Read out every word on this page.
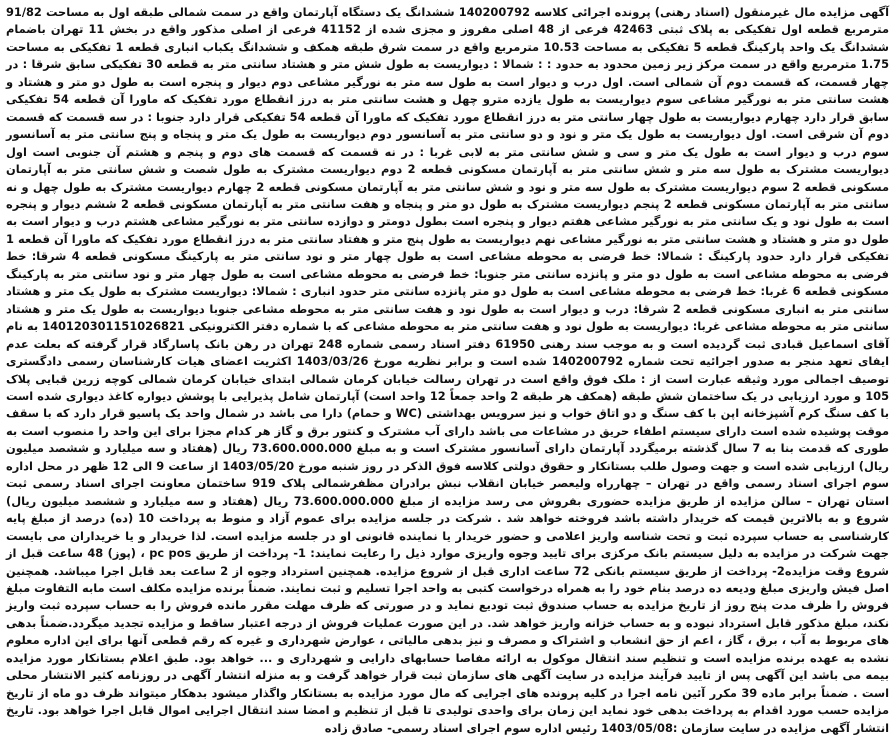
آگهی مزایده مال غیرمنقول (اسناد رهنی) پرونده اجرائی کلاسه 140200792 ششدانگ یک دستگاه آپارتمان واقع در سمت شمالی طبقه اول به مساحت 91/82 مترمربع قطعه اول تفکیکی به پلاک ثبتی 42463 فرعی از 48 اصلی مفروز و مجزی شده از 41152 فرعی از اصلی مذکور واقع در بخش 11 تهران باضمام ششدانگ یک واحد پارکینگ قطعه 5 تفکیکی به مساحت 10.53 مترمربع واقع در سمت شرق طبقه همکف و ششدانگ یکباب انباری قطعه 1 تفکیکی به مساحت 1.75 مترمربع واقع در سمت مرکز زیر زمین محدود به حدود : : شمالا : دیواریست به طول شش متر و هشتاد سانتی متر به قطعه 30 تفکیکی سابق شرقا : در چهار قسمت، که قسمت دوم آن شمالی است. اول درب و دیوار است به طول سه متر به نورگیر مشاعی دوم دیوار و پنجره است به طول دو متر و هشتاد و هشت سانتی متر به نورگیر مشاعی سوم دیواریست به طول یازده مترو چهل و هشت سانتی متر به درز انقطاع مورد تفکیک که ماورا آن قطعه 54 تفکیکی سابق قرار دارد چهارم دیواریست به طول چهار سانتی متر به درز انقطاع مورد تفکیک که ماورا آن قطعه 54 تفکیکی قرار دارد جنوبا : در سه قسمت که قسمت دوم آن شرقی است. اول دیواریست به طول یک متر و نود و دو سانتی متر به آسانسور دوم دیواریست به طول یک متر و پنجاه و پنج سانتی متر به آسانسور سوم درب و دیوار است به طول یک متر و سی و شش سانتی متر به لابی غربا : در نه قسمت که قسمت های دوم و پنجم و هشتم آن جنوبی است اول دیواریست مشترک به طول سه متر و شش سانتی متر به آپارتمان مسکونی قطعه 2 دوم دیواریست مشترک به طول شصت و شش سانتی متر به آپارتمان مسکونی قطعه 2 سوم دیواریست مشترک به طول سه متر و نود و شش سانتی متر به آپارتمان مسکونی قطعه 2 چهارم دیواریست مشترک به طول چهل و نه سانتی متر به آپارتمان مسکونی قطعه 2 پنجم دیواریست مشترک به طول دو متر و پنجاه و هفت سانتی متر به آپارتمان مسکونی قطعه 2 ششم دیوار و پنجره است به طول نود و یک سانتی متر به نورگیر مشاعی هفتم دیوار و پنجره است بطول دومتر و دوازده سانتی متر به نورگیر مشاعی هشتم درب و دیوار است به طول دو متر و هشتاد و هشت سانتی متر به نورگیر مشاعی نهم دیواریست به طول پنج متر و هفتاد سانتی متر به درز انقطاع مورد تفکیک که ماورا آن قطعه 1 تفکیکی قرار دارد حدود پارکینگ : شمالا: خط فرضی به محوطه مشاعی است به طول چهار متر و نود سانتی متر به پارکینگ مسکونی قطعه 4 شرقا: خط فرضی به محوطه مشاعی است به طول دو متر و پانزده سانتی متر جنوبا: خط فرضی به محوطه مشاعی است به طول چهار متر و نود سانتی متر به پارکینگ مسکونی قطعه 6 غربا: خط فرضی به محوطه مشاعی است به طول دو متر پانزده سانتی متر حدود انباری : شمالا: دیواریست مشترک به طول یک متر و هشتاد سانتی متر به انباری مسکونی قطعه 2 شرقا: درب و دیوار است به طول نود و هفت سانتی متر به محوطه مشاعی جنوبا دیواریست به طول یک متر و هشتاد سانتی متر به محوطه مشاعی غربا: دیواریست به طول نود و هفت سانتی متر به محوطه مشاعی که با شماره دفتر الکترونیکی 140120301151026821 به نام آقای اسماعیل قبادی ثبت گردیده است و به موجب سند رهنی 61950 دفتر اسناد رسمی شماره 248 تهران در رهن بانک پاسارگاد قرار گرفته که بعلت عدم ایفای تعهد منجر به صدور اجرائیه تحت شماره 140200792 شده است و برابر نظریه مورخ 1403/03/26 اکثریت اعضای هیات کارشناسان رسمی دادگستری توصیف اجمالی مورد وثیقه عبارت است از : ملک فوق واقع است در تهران رسالت خیابان کرمان شمالی ابتدای خیابان کرمان شمالی کوچه زرین قبایی پلاک 105 و مورد ارزیابی در یک ساختمان شش طبقه (همکف هر طبقه 2 واحد جمعاً 12 واحد است) آپارتمان شامل پذیرایی با پوشش دیواره کاغذ دیواری شده است با کف سنگ کرم آشپزخانه اپن با کف سنگ و دو اتاق خواب و نیز سرویس بهداشتی (WC و حمام) دارا می باشد در شمال واحد یک پاسیو قرار دارد که با سقف موقت پوشیده شده است دارای سیستم اطفاء حریق در مشاعات می باشد دارای آب مشترک و کنتور برق و گاز هر کدام مجزا برای این واحد را منصوب است به طوری که قدمت بنا به 7 سال گذشته برمیگردد آپارتمان دارای آسانسور مشترک است و به مبلغ 73.600.000.000 ریال (هفتاد و سه میلیارد و ششصد میلیون ریال) ارزیابی شده است و جهت وصول طلب بستانکار و حقوق دولتی کلاسه فوق الذکر در روز شنبه مورخ 1403/05/20 از ساعت 9 الی 12 ظهر در محل اداره سوم اجرای اسناد رسمی واقع در تهران – چهارراه ولیعصر خیابان انقلاب نبش برادران مظفرشمالی پلاک 919 ساختمان معاونت اجرای اسناد رسمی ثبت استان تهران – سالن مزایده از طریق مزایده حضوری بفروش می رسد مزایده از مبلغ 73.600.000.000 ریال (هفتاد و سه میلیارد و ششصد میلیون ریال) شروع و به بالاترین قیمت که خریدار داشته باشد فروخته خواهد شد . شرکت در جلسه مزایده برای عموم آزاد و منوط به پرداخت 10 (ده) درصد از مبلغ پایه کارشناسی به حساب سپرده ثبت و تحت شناسه واریز اعلامی و حضور خریدار یا نماینده قانونی او در جلسه مزایده است. لذا خریدار و یا خریداران می بایست جهت شرکت در مزایده به دلیل سیستم بانک مرکزی برای تایید وجوه واریزی موارد ذیل را رعایت نمایند: 1- پرداخت از طریق pc pos ، (پوز) 48 ساعت قبل از شروع وقت مزایده2- پرداخت از طریق سیستم بانکی 72 ساعت اداری قبل از شروع مزایده. همچنین استرداد وجوه از 2 ساعت بعد قابل اجرا میباشد. همچنین اصل فیش واریزی مبلغ ودیعه ده درصد بنام خود را به همراه درخواست کتبی به واحد اجرا تسلیم و ثبت نمایند. ضمناً برنده مزایده مکلف است مابه التفاوت مبلغ فروش را ظرف مدت پنج روز از تاریخ مزایده به حساب صندوق ثبت تودیع نماید و در صورتی که ظرف مهلت مقرر مانده فروش را به حساب سپرده ثبت واریز نکند، مبلغ مذکور قابل استرداد نبوده و به حساب خزانه واریز خواهد شد. در این صورت عملیات فروش از درجه اعتبار ساقط و مزایده تجدید میگردد.ضمناً بدهی های مربوط به آب ، برق ، گاز ، اعم از حق انشعاب و اشتراک و مصرف و نیز بدهی مالیاتی ، عوارض شهرداری و غیره که رقم قطعی آنها برای این اداره معلوم نشده به عهده برنده مزایده است و تنظیم سند انتقال موکول به ارائه مفاصا حسابهای دارایی و شهرداری و ... خواهد بود. طبق اعلام بستانکار مورد مزایده بیمه می باشد این آگهی پس از تایید فرآیند مزایده در سایت آگهی های سازمان ثبت قرار خواهد گرفت و به منزله انتشار آگهی در روزنامه کثیر الانتشار محلی است . ضمناً برابر ماده 39 مکرر آئین نامه اجرا در کلیه پرونده های اجرایی که مال مورد مزایده به بستانکار واگذار میشود بدهکار میتواند ظرف دو ماه از تاریخ مزایده حسب مورد اقدام به پرداخت بدهی خود نماید این زمان برای واحدی تولیدی تا قبل از تنظیم و امضا سند انتقال اجرایی اموال قابل اجرا خواهد بود. تاریخ انتشار آگهی مزایده در سایت سازمان :1403/05/08 رئیس اداره سوم اجرای اسناد رسمی- صادق زاده
